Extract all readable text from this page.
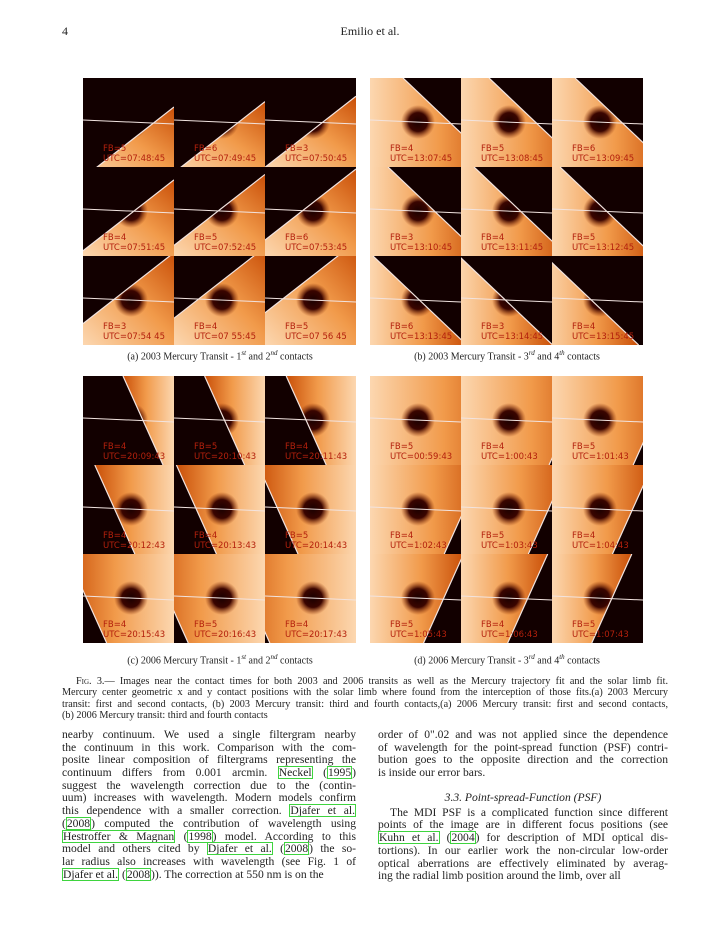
4	Emilio et al.
FB=5
UTC=07:48:45
FB=6
UTC=07:49:45
FB=3
UTC=07:50:45
FB=4
UTC=07:51:45
FB=5
UTC=07:52:45
FB=6
UTC=07:53:45
FB=3
UTC=07:54 45
FB=4
UTC=07 55:45
FB=5
UTC=07 56 45
FB=4
UTC=13:07:45
FB=5
UTC=13:08:45
FB=6
UTC=13:09:45
FB=3
UTC=13:10:45
FB=4
UTC=13:11:45
FB=5
UTC=13:12:45
FB=6
UTC=13:13:45
FB=3
UTC=13:14:45
FB=4
UTC=13:15:45
FB=4
UTC=20:09:43
FB=5
UTC=20:10:43
FB=4
UTC=20:11:43
FB=4
UTC=20:12:43
FB=4
UTC=20:13:43
FB=5
UTC=20:14:43
FB=4
UTC=20:15:43
FB=5
UTC=20:16:43
FB=4
UTC=20:17:43
FB=5
UTC=00:59:43
FB=4
UTC=1:00:43
FB=5
UTC=1:01:43
FB=4
UTC=1:02:43
FB=5
UTC=1:03:43
FB=4
UTC=1:04:43
FB=5
UTC=1:05:43
FB=4
UTC=1:06:43
FB=5
UTC=1:07:43
(a) 2003 Mercury Transit - 1st and 2nd contacts	(b) 2003 Mercury Transit - 3rd and 4th contacts
(c) 2006 Mercury Transit - 1st and 2nd contacts	(d) 2006 Mercury Transit - 3rd and 4th contacts
Fig. 3.— Images near the contact times for both 2003 and 2006 transits as well as the Mercury trajectory fit and the solar limb fit.
Mercury center geometric x and y contact positions with the solar limb where found from the interception of those fits.(a) 2003 Mercury
transit: first and second contacts, (b) 2003 Mercury transit: third and fourth contacts,(a) 2006 Mercury transit: first and second contacts,
(b) 2006 Mercury transit: third and fourth contacts
nearby continuum. We used a single filtergram nearby
the continuum in this work. Comparison with the com-
posite linear composition of filtergrams representing the
continuum differs from 0.001 arcmin. Neckel (1995)
suggest the wavelength correction due to the (contin-
uum) increases with wavelength. Modern models confirm
this dependence with a smaller correction. Djafer et al.
(2008) computed the contribution of wavelength using
Hestroffer & Magnan (1998) model. According to this
model and others cited by Djafer et al. (2008) the so-
lar radius also increases with wavelength (see Fig. 1 of
Djafer et al. (2008)). The correction at 550 nm is on the
order of 0".02 and was not applied since the dependence
of wavelength for the point-spread function (PSF) contri-
bution goes to the opposite direction and the correction
is inside our error bars.
3.3. Point-spread-Function (PSF)
The MDI PSF is a complicated function since different
points of the image are in different focus positions (see
Kuhn et al. (2004) for description of MDI optical dis-
tortions). In our earlier work the non-circular low-order
optical aberrations are effectively eliminated by averag-
ing the radial limb position around the limb, over all
